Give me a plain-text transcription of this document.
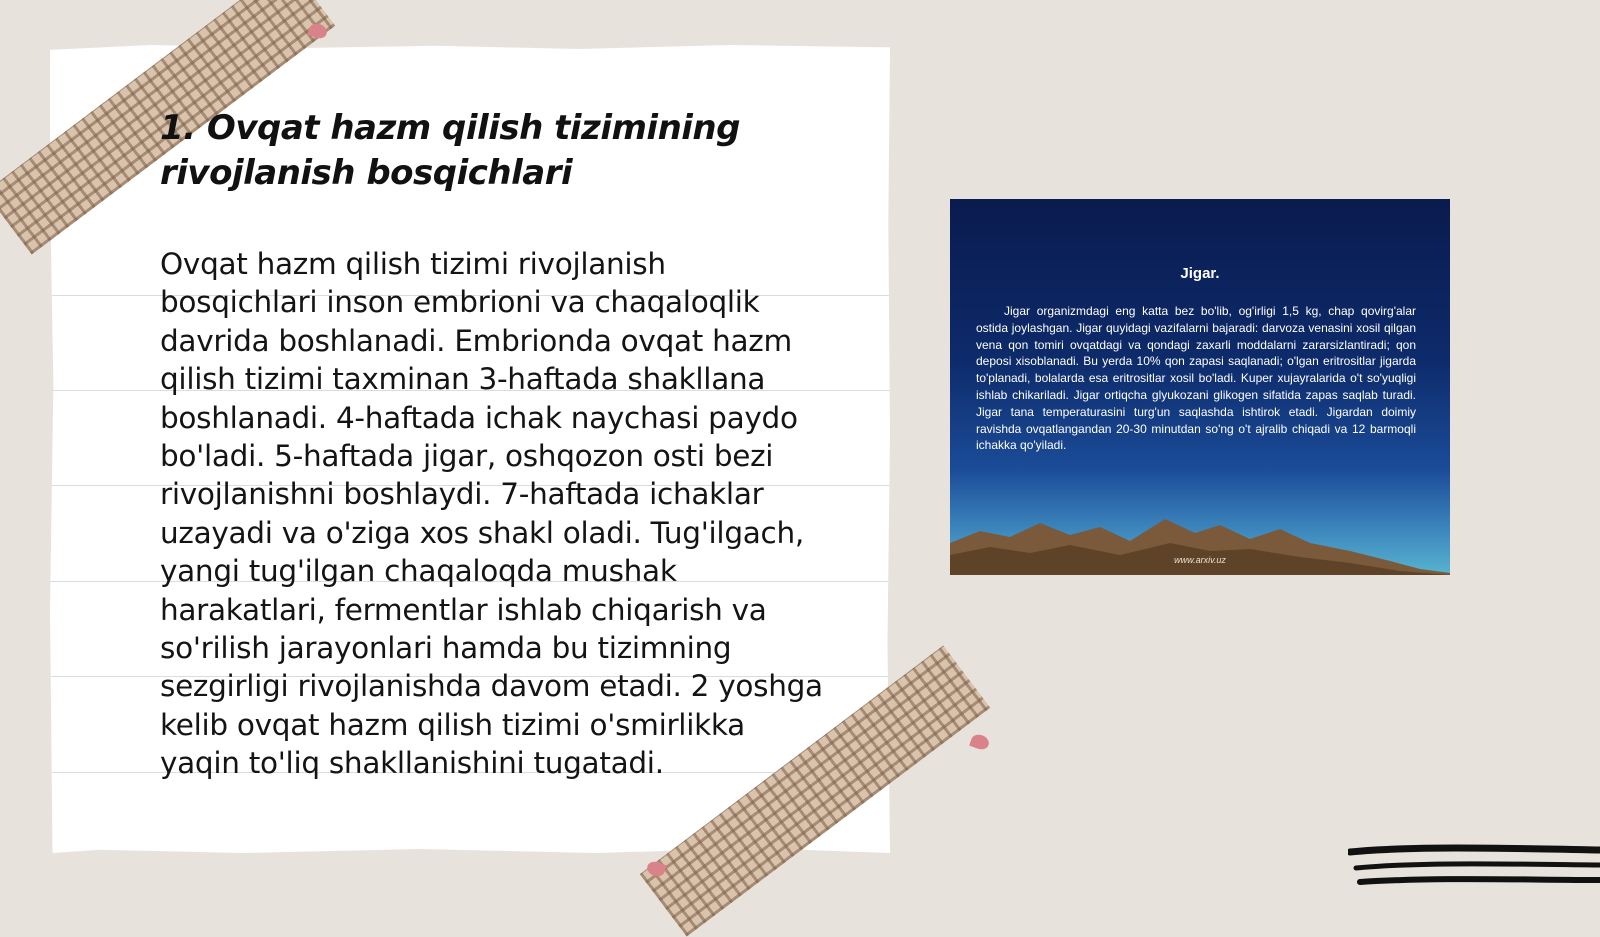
1. Ovqat hazm qilish tizimining rivojlanish bosqichlari

Ovqat hazm qilish tizimi rivojlanish bosqichlari inson embrioni va chaqaloqlik davrida boshlanadi. Embrionda ovqat hazm qilish tizimi taxminan 3-haftada shakllana boshlanadi. 4-haftada ichak naychasi paydo bo'ladi. 5-haftada jigar, oshqozon osti bezi rivojlanishni boshlaydi. 7-haftada ichaklar uzayadi va o'ziga xos shakl oladi. Tug'ilgach, yangi tug'ilgan chaqaloqda mushak harakatlari, fermentlar ishlab chiqarish va so'rilish jarayonlari hamda bu tizimning sezgirligi rivojlanishda davom etadi. 2 yoshga kelib ovqat hazm qilish tizimi o'smirlikka yaqin to'liq shakllanishini tugatadi.

Jigar.

Jigar organizmdagi eng katta bez bo'lib, og'irligi 1,5 kg, chap qovirg'alar ostida joylashgan. Jigar quyidagi vazifalarni bajaradi: darvoza venasini xosil qilgan vena qon tomiri ovqatdagi va qondagi zaxarli moddalarni zararsizlantiradi; qon deposi xisoblanadi. Bu yerda 10% qon zapasi saqlanadi; o'lgan eritrositlar jigarda to'planadi, bolalarda esa eritrositlar xosil bo'ladi. Kuper xujayralarida o't so'yuqligi ishlab chikariladi. Jigar ortiqcha glyukozani glikogen sifatida zapas saqlab turadi. Jigar tana temperaturasini turg'un saqlashda ishtirok etadi. Jigardan doimiy ravishda ovqatlangandan 20-30 minutdan so'ng o't ajralib chiqadi va 12 barmoqli ichakka qo'yiladi.

www.arxiv.uz
